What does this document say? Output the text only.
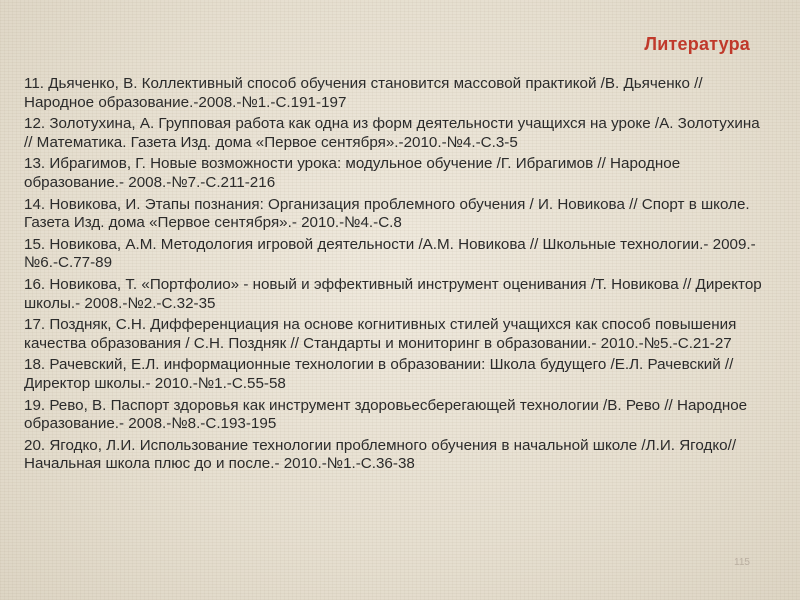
Литература
11. Дьяченко, В. Коллективный способ обучения становится массовой практикой /В. Дьяченко // Народное образование.-2008.-№1.-С.191-197
12. Золотухина, А. Групповая работа как одна из форм деятельности учащихся на уроке /А. Золотухина // Математика. Газета Изд. дома «Первое сентября».-2010.-№4.-С.3-5
13. Ибрагимов, Г. Новые возможности урока: модульное обучение /Г. Ибрагимов // Народное образование.- 2008.-№7.-С.211-216
14. Новикова, И. Этапы познания: Организация проблемного обучения / И. Новикова // Спорт в школе. Газета Изд. дома «Первое сентября».- 2010.-№4.-С.8
15. Новикова, А.М. Методология игровой деятельности /А.М. Новикова // Школьные технологии.- 2009.-№6.-С.77-89
16. Новикова, Т. «Портфолио» - новый и эффективный инструмент оценивания /Т. Новикова // Директор школы.- 2008.-№2.-С.32-35
17. Поздняк, С.Н. Дифференциация на основе когнитивных стилей учащихся как способ повышения качества образования / С.Н. Поздняк // Стандарты и мониторинг в образовании.- 2010.-№5.-С.21-27
18. Рачевский, Е.Л. информационные технологии в образовании: Школа будущего /Е.Л. Рачевский // Директор школы.- 2010.-№1.-С.55-58
19. Рево, В. Паспорт здоровья как инструмент здоровьесберегающей технологии /В. Рево // Народное образование.- 2008.-№8.-С.193-195
20. Ягодко, Л.И. Использование технологии проблемного обучения в начальной школе /Л.И. Ягодко// Начальная школа плюс до и после.- 2010.-№1.-С.36-38
115
